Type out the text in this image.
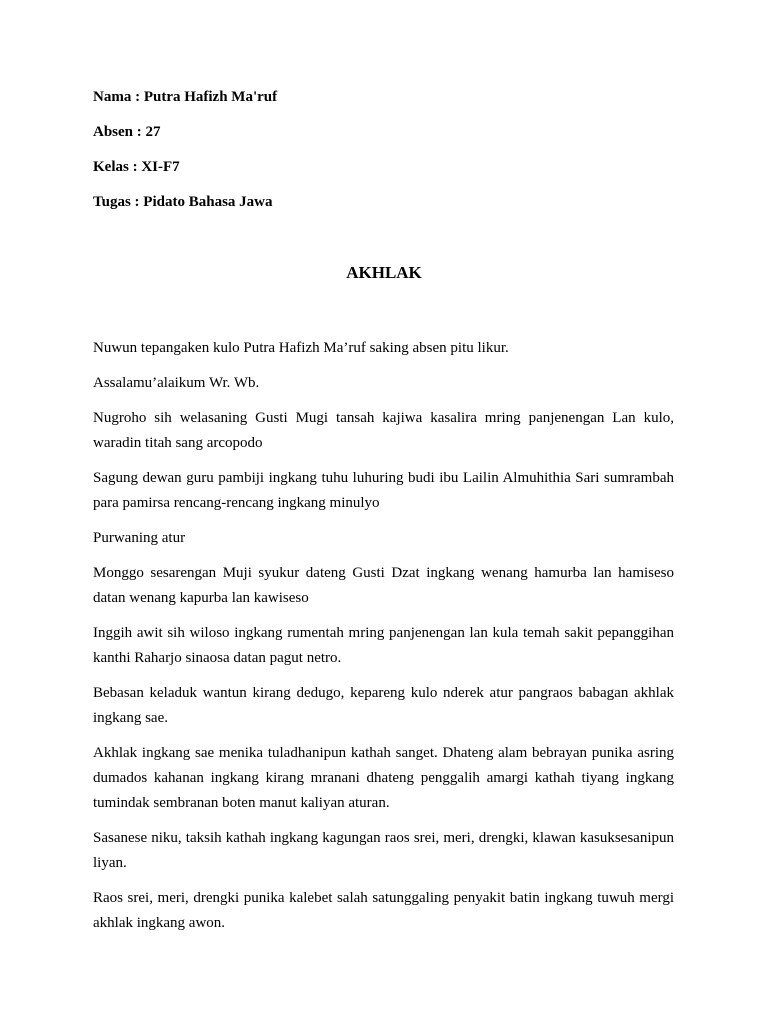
Nama : Putra Hafizh Ma'ruf
Absen : 27
Kelas : XI-F7
Tugas : Pidato Bahasa Jawa
AKHLAK
Nuwun tepangaken kulo Putra Hafizh Ma’ruf saking absen pitu likur.
Assalamu’alaikum Wr. Wb.
Nugroho sih welasaning Gusti Mugi tansah kajiwa kasalira mring panjenengan Lan kulo, waradin titah sang arcopodo
Sagung dewan guru pambiji ingkang tuhu luhuring budi ibu Lailin Almuhithia Sari sumrambah para pamirsa rencang-rencang ingkang minulyo
Purwaning atur
Monggo sesarengan Muji syukur dateng Gusti Dzat ingkang wenang hamurba lan hamiseso datan wenang kapurba lan kawiseso
Inggih awit sih wiloso ingkang rumentah mring panjenengan lan kula temah sakit pepanggihan kanthi Raharjo sinaosa datan pagut netro.
Bebasan keladuk wantun kirang dedugo, kepareng kulo nderek atur pangraos babagan akhlak ingkang sae.
Akhlak ingkang sae menika tuladhanipun kathah sanget. Dhateng alam bebrayan punika asring dumados kahanan ingkang kirang mranani dhateng penggalih amargi kathah tiyang ingkang tumindak sembranan boten manut kaliyan aturan.
Sasanese niku, taksih kathah ingkang kagungan raos srei, meri, drengki, klawan kasuksesanipun liyan.
Raos srei, meri, drengki punika kalebet salah satunggaling penyakit batin ingkang tuwuh mergi akhlak ingkang awon.
